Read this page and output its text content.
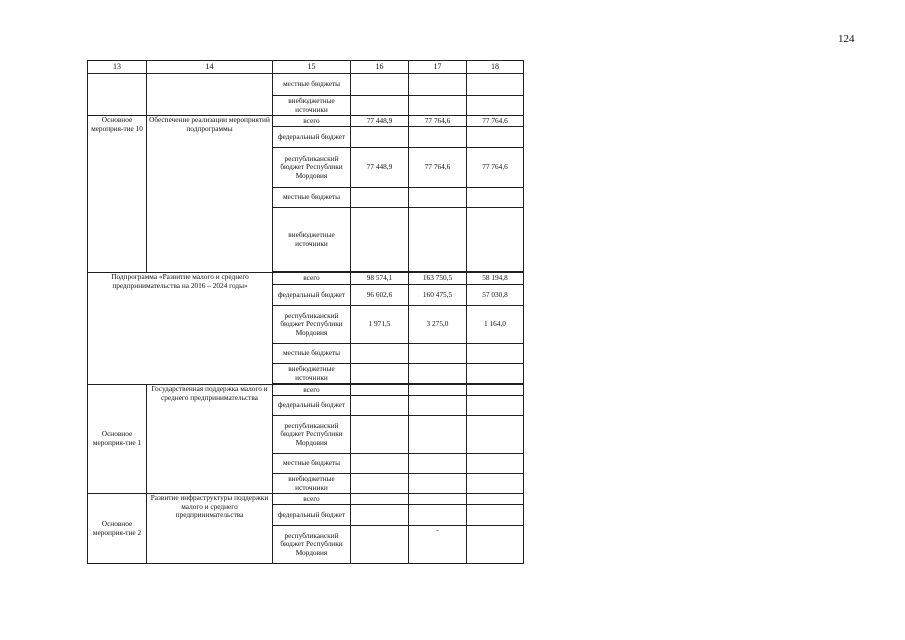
124
13	14	15	16	17	18
		местные бюджеты			
		внебюджетные источники			
Основное мероприя-тие 10	Обеспечение реализации мероприятий подпрограммы	всего	77 448,9	77 764,6	77 764,6
		федеральный бюджет			
		республиканский бюджет Республики Мордовия	77 448,9	77 764,6	77 764,6
		местные бюджеты			
		внебюджетные источники			

Подпрограмма «Развитие малого и среднего предпринимательства на 2016 – 2024 годы»		всего	98 574,1	163 750,5	58 194,8
		федеральный бюджет	96 602,6	160 475,5	57 030,8
		республиканский бюджет Республики Мордовия	1 971,5	3 275,0	1 164,0
		местные бюджеты			
		внебюджетные источники			

Основное мероприя-тие 1	Государственная поддержка малого и среднего предпринимательства	всего			
		федеральный бюджет			
		республиканский бюджет Республики Мордовия			
		местные бюджеты			
		внебюджетные источники			
Основное мероприя-тие 2	Развитие инфраструктуры поддержки малого и среднего предпринимательства	всего			
		федеральный бюджет			
		республиканский бюджет Республики Мордовия		-	
